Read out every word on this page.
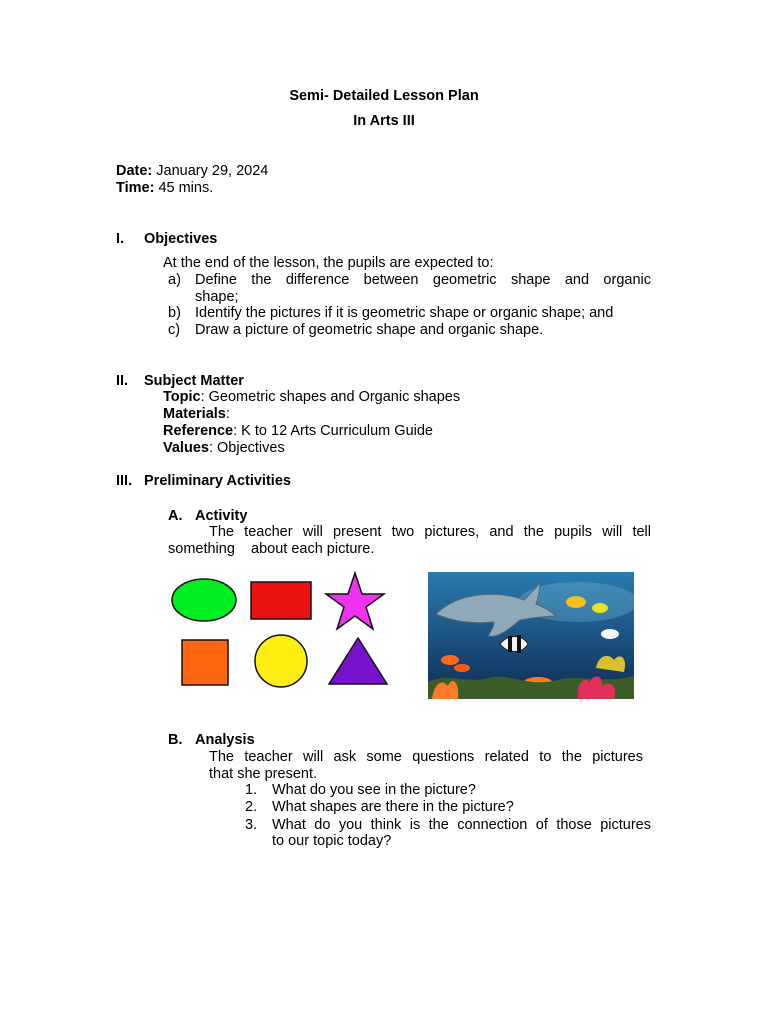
Semi- Detailed Lesson Plan
In Arts III
Date: January 29, 2024
Time: 45 mins.
I. Objectives
At the end of the lesson, the pupils are expected to:
a) Define the difference between geometric shape and organic
shape;
b) Identify the pictures if it is geometric shape or organic shape; and
c) Draw a picture of geometric shape and organic shape.
II. Subject Matter
Topic: Geometric shapes and Organic shapes
Materials:
Reference: K to 12 Arts Curriculum Guide
Values: Objectives
III. Preliminary Activities
A. Activity
The teacher will present two pictures, and the pupils will tell
something    about each picture.
B. Analysis
The teacher will ask some questions related to the pictures
that she present.
1. What do you see in the picture?
2. What shapes are there in the picture?
3. What do you think is the connection of those pictures
to our topic today?
